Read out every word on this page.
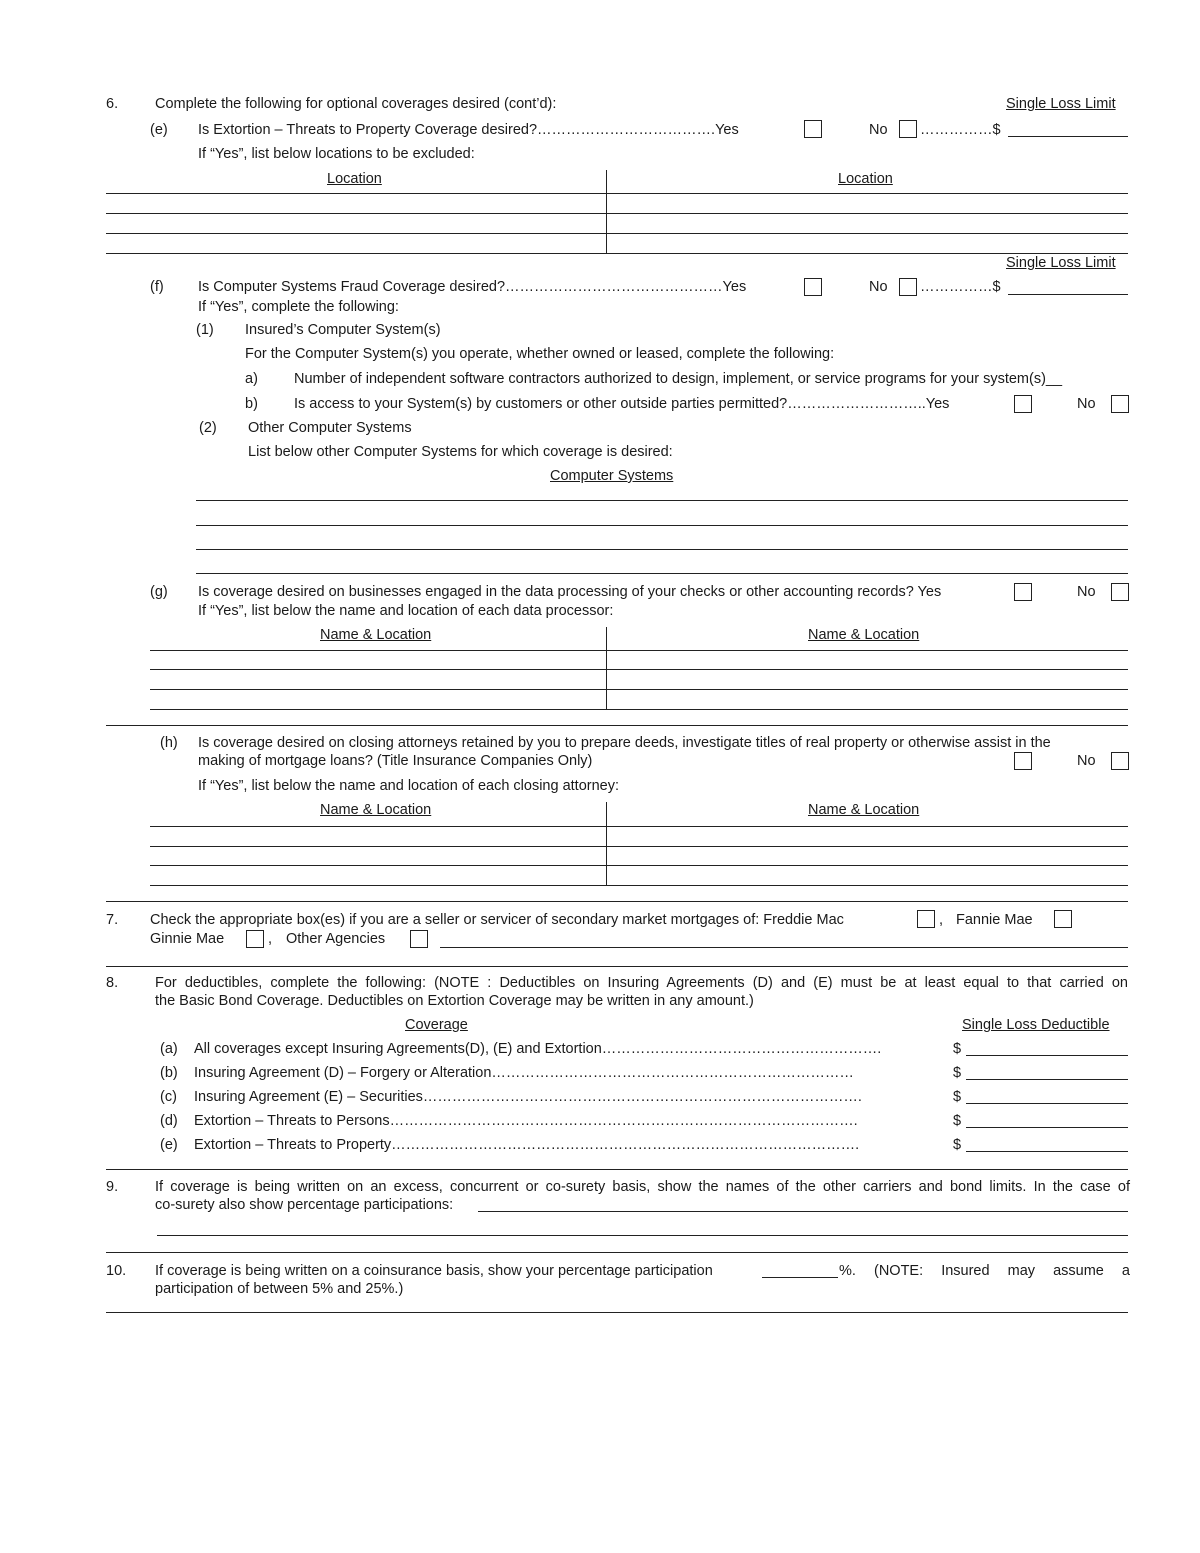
6.	Complete the following for optional coverages desired (cont’d):	Single Loss Limit
(e) Is Extortion – Threats to Property Coverage desired?……………………………….Yes	No ……………$
If “Yes”, list below locations to be excluded:
Location	Location
Single Loss Limit
(f) Is Computer Systems Fraud Coverage desired?………………………………………Yes	No ……………$
If “Yes”, complete the following:
(1) Insured’s Computer System(s)
For the Computer System(s) you operate, whether owned or leased, complete the following:
a) Number of independent software contractors authorized to design, implement, or service programs for your system(s)__
b) Is access to your System(s) by customers or other outside parties permitted?………………………..Yes	No
(2) Other Computer Systems
List below other Computer Systems for which coverage is desired:
Computer Systems
(g) Is coverage desired on businesses engaged in the data processing of your checks or other accounting records? Yes	No
If “Yes”, list below the name and location of each data processor:
Name & Location	Name & Location
(h) Is coverage desired on closing attorneys retained by you to prepare deeds, investigate titles of real property or otherwise assist in the
making of mortgage loans? (Title Insurance Companies Only)	No
If “Yes”, list below the name and location of each closing attorney:
Name & Location	Name & Location
7. Check the appropriate box(es) if you are a seller or servicer of secondary market mortgages of: Freddie Mac	, Fannie Mae
Ginnie Mae	, Other Agencies
8.	For deductibles, complete the following: (NOTE : Deductibles on Insuring Agreements (D) and (E) must be at least equal to that carried on
the Basic Bond Coverage. Deductibles on Extortion Coverage may be written in any amount.)
Coverage	Single Loss Deductible
(a) All coverages except Insuring Agreements(D), (E) and Extortion………………………………………………….	$
(b) Insuring Agreement (D) – Forgery or Alteration…………………………………………………………………	$
(c) Insuring Agreement (E) – Securities……………………………………………………………………………….	$
(d) Extortion – Threats to Persons…………………………………………………………………………………….	$
(e) Extortion – Threats to Property…………………………………………………………………………………….	$
9.	If coverage is being written on an excess, concurrent or co-surety basis, show the names of the other carriers and bond limits. In the case of
co-surety also show percentage participations:
10. If coverage is being written on a coinsurance basis, show your percentage participation	%. (NOTE: Insured may assume a
participation of between 5% and 25%.)
